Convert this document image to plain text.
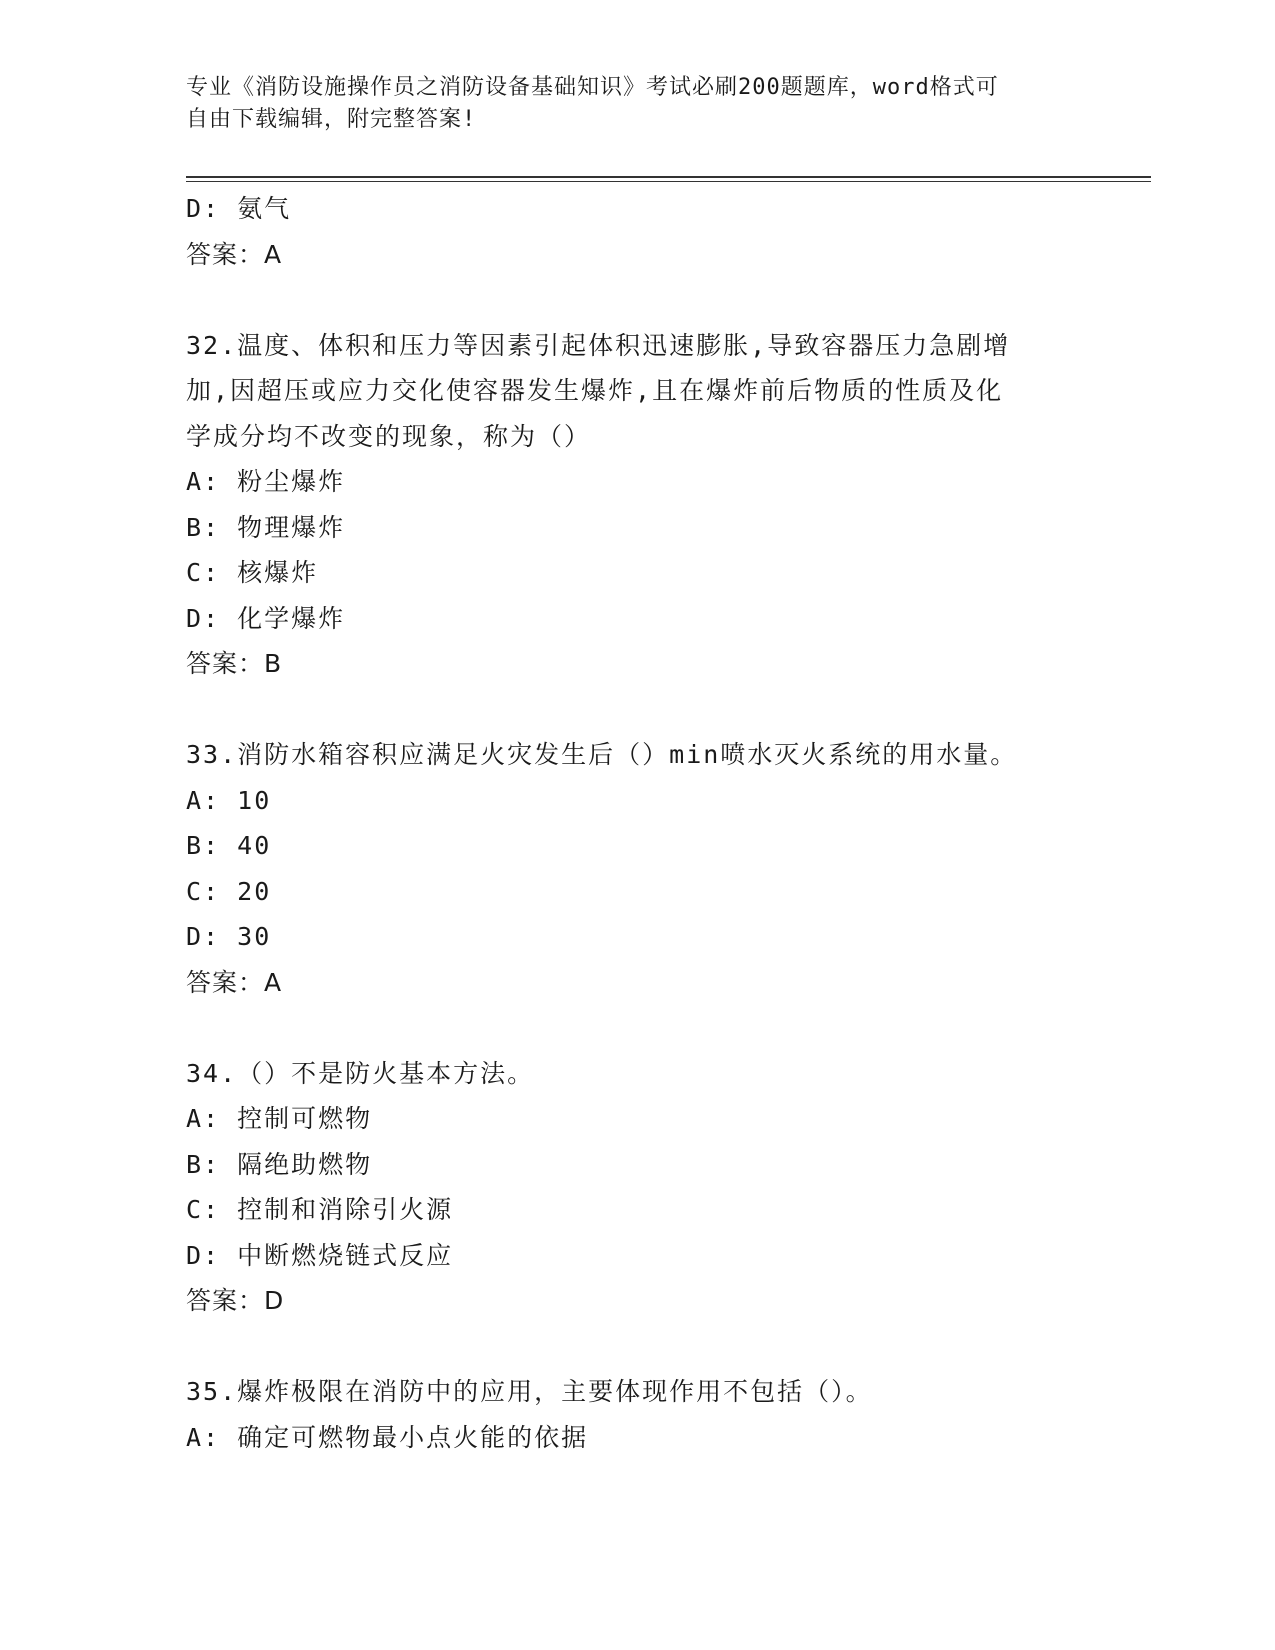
专业《消防设施操作员之消防设备基础知识》考试必刷200题题库，word格式可
自由下载编辑，附完整答案!
D: 氨气
答案：A
32.温度、体积和压力等因素引起体积迅速膨胀,导致容器压力急剧增
加,因超压或应力交化使容器发生爆炸,且在爆炸前后物质的性质及化
学成分均不改变的现象，称为（）
A: 粉尘爆炸
B: 物理爆炸
C: 核爆炸
D: 化学爆炸
答案：B
33.消防水箱容积应满足火灾发生后（）min喷水灭火系统的用水量。
A: 10
B: 40
C: 20
D: 30
答案：A
34.（）不是防火基本方法。
A: 控制可燃物
B: 隔绝助燃物
C: 控制和消除引火源
D: 中断燃烧链式反应
答案：D
35.爆炸极限在消防中的应用，主要体现作用不包括（）。
A: 确定可燃物最小点火能的依据
